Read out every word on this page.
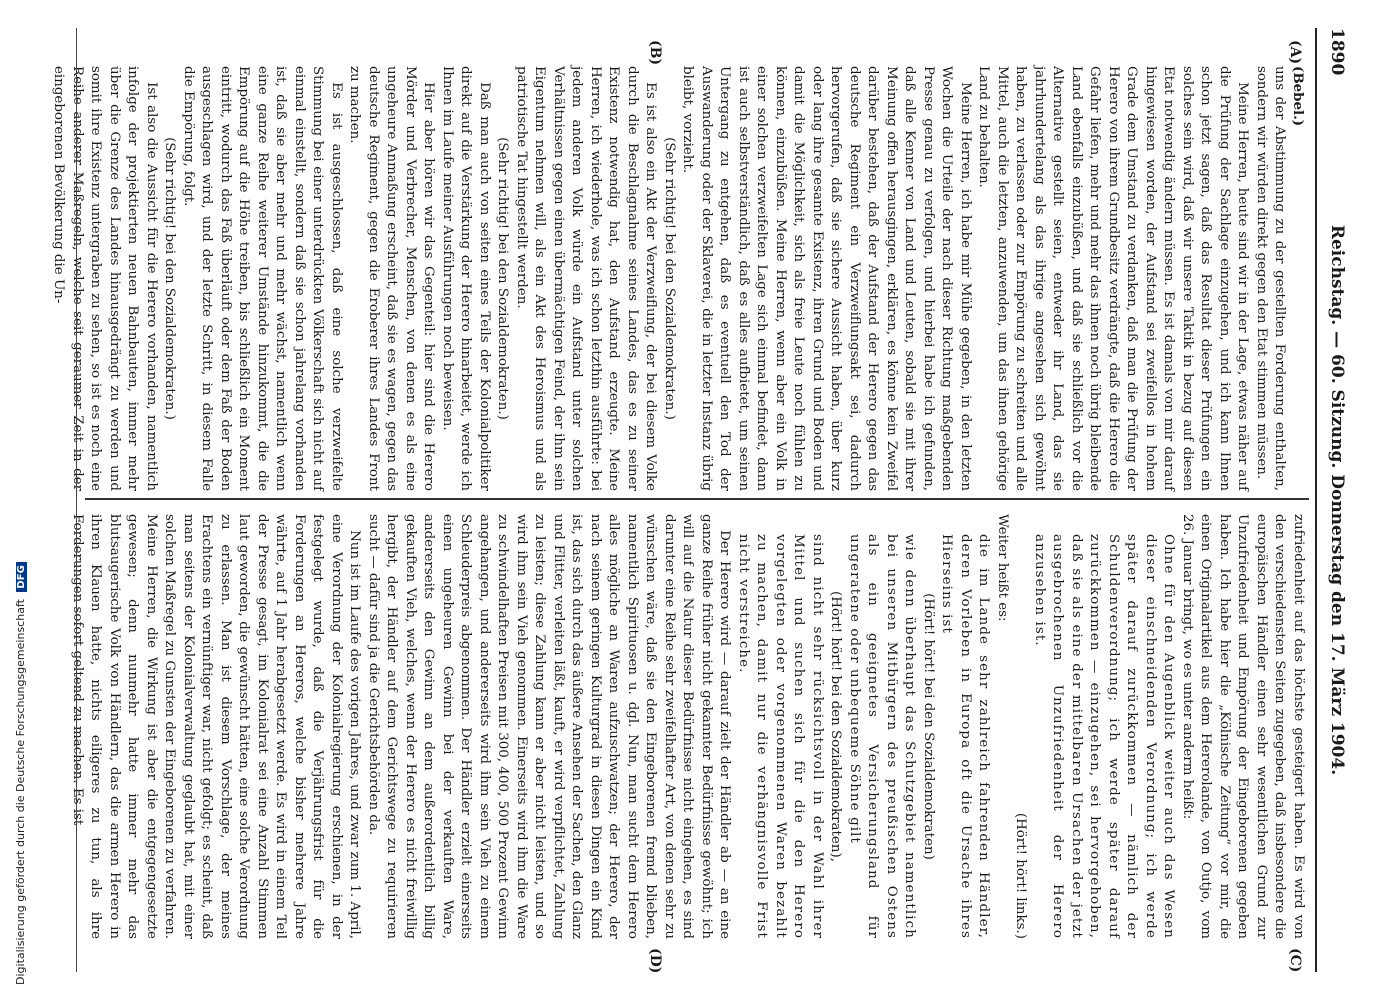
1890
Reichstag. — 60. Sitzung. Donnerstag den 17. März 1904.
(A)
(B)
(C)
(D)

(Bebel.)

uns der Abstimmung zu der gestellten Forderung enthalten, sondern wir würden direkt gegen den Etat stimmen müssen.

Meine Herren, heute sind wir in der Lage, etwas näher auf die Prüfung der Sachlage einzugehen, und ich kann Ihnen schon jetzt sagen, daß das Resultat dieser Prüfungen ein solches sein wird, daß wir unsere Taktik in bezug auf diesen Etat notwendig ändern müssen. Es ist damals von mir darauf hingewiesen worden, der Aufstand sei zweifellos in hohem Grade dem Umstand zu verdanken, daß man die Prüfung der Herero von ihrem Grundbesitz verdrängte, daß die Herero die Gefahr liefen, mehr und mehr das ihnen noch übrig bleibende Land ebenfalls einzubüßen, und daß sie schließlich vor die Alternative gestellt seien, entweder ihr Land, das sie jahrhundertelang als das ihrige angesehen sich gewöhnt haben, zu verlassen oder zur Empörung zu schreiten und alle Mittel, auch die letzten, anzuwenden, um das ihnen gehörige Land zu behalten.

Meine Herren, ich habe mir Mühe gegeben, in den letzten Wochen die Urteile der nach dieser Richtung maßgebenden Presse genau zu verfolgen, und hierbei habe ich gefunden, daß alle Kenner von Land und Leuten, sobald sie mit ihrer Meinung offen herausgingen, erklären, es könne kein Zweifel darüber bestehen, daß der Aufstand der Herero gegen das deutsche Regiment ein Verzweiflungsakt sei, dadurch hervorgerufen, daß sie sichere Aussicht haben, über kurz oder lang ihre gesamte Existenz, ihren Grund und Boden und damit die Möglichkeit, sich als freie Leute noch fühlen zu können, einzubüßen. Meine Herren, wenn aber ein Volk in einer solchen verzweifelten Lage sich einmal befindet, dann ist auch selbstverständlich, daß es alles aufbietet, um seinen Untergang zu entgehen, daß es eventuell den Tod der Auswanderung oder der Sklaverei, die in letzter Instanz übrig bleibt, vorzieht.

(Sehr richtig! bei den Sozialdemokraten.)

Es ist also ein Akt der Verzweiflung, der bei diesem Volke durch die Beschlagnahme seines Landes, das es zu seiner Existenz notwendig hat, den Aufstand erzeugte. Meine Herren, ich wiederhole, was ich schon letzthin ausführte: bei jedem anderen Volk würde ein Aufstand unter solchen Verhältnissen gegen einen übermächtigen Feind, der ihm sein Eigentum nehmen will, als ein Akt des Heroismus und als patriotische Tat hingestellt werden.

(Sehr richtig! bei den Sozialdemokraten.)

Daß man auch von seiten eines Teils der Kolonialpolitiker direkt auf die Verstärkung der Herero hinarbeitet, werde ich Ihnen im Laufe meiner Ausführungen noch beweisen.

Hier aber hören wir das Gegenteil: hier sind die Herero Mörder und Verbrecher, Menschen, von denen es als eine ungeheure Anmaßung erscheint, daß sie es wagen, gegen das deutsche Regiment, gegen die Eroberer ihres Landes Front zu machen.

Es ist ausgeschlossen, daß eine solche verzweifelte Stimmung bei einer unterdrückten Völkerschaft sich nicht auf einmal einstellt, sondern daß sie schon jahrelang vorhanden ist, daß sie aber mehr und mehr wächst, namentlich wenn eine ganze Reihe weiterer Umstände hinzukommt, die die Empörung auf die Höhe treiben, bis schließlich ein Moment eintritt, wodurch das Faß überläuft oder dem Faß der Boden ausgeschlagen wird, und der letzte Schritt, in diesem Falle die Empörung, folgt.

(Sehr richtig! bei den Sozialdemokraten.)

Ist also die Aussicht für die Herero vorhanden, namentlich infolge der projektierten neuen Bahnbauten, immer mehr über die Grenze des Landes hinausgedrängt zu werden und somit ihre Existenz untergraben zu sehen, so ist es noch eine Reihe anderer Maßregeln, welche seit geraumer Zeit in der eingeborenen Bevölkerung die Un-

zufriedenheit auf das höchste gesteigert haben. Es wird von den verschiedensten Seiten zugegeben, daß insbesondere die europäischen Händler einen sehr wesentlichen Grund zur Unzufriedenheit und Empörung der Eingeborenen gegeben haben. Ich habe hier die „Kölnische Zeitung“ vor mir, die einen Originalartikel aus dem Hererolande, von Outjo, vom 26. Januar bringt, wo es unter anderm heißt:

Ohne für den Augenblick weiter auch das Wesen dieser einschneidenden Verordnung; ich werde später darauf zurückkommen — nämlich der Schuldenverordnung; ich werde später darauf zurückkommen — einzugehen, sei hervorgehoben, daß sie als eine der mittelbaren Ursachen der jetzt ausgebrochenen Unzufriedenheit der Herero anzusehen ist.

(Hört! hört! links.)

Weiter heißt es:

die im Lande sehr zahlreich fahrenden Händler, deren Vorleben in Europa oft die Ursache ihres Hierseins ist

(Hört! hört! bei den Sozialdemokraten)

wie denn überhaupt das Schutzgebiet namentlich bei unseren Mitbürgern des preußischen Ostens als ein geeignetes Versicherungsland für ungeratene oder unbequeme Söhne gilt

(Hört! hört! bei den Sozialdemokraten),

sind nicht sehr rücksichtsvoll in der Wahl ihrer Mittel und suchen sich für die den Herero vorgelegten oder vorgenommenen Waren bezahlt zu machen, damit nur die verhängnisvolle Frist nicht verstreiche.

Der Herero wird — darauf zielt der Händler ab — an eine ganze Reihe früher nicht gekannter Bedürfnisse gewöhnt; ich will auf die Natur dieser Bedürfnisse nicht eingehen, es sind darunter eine Reihe sehr zweifelhafter Art, von denen sehr zu wünschen wäre, daß sie den Eingeborenen fremd blieben, namentlich Spirituosen u. dgl. Nun, man sucht dem Herero alles mögliche an Waren aufzuschwatzen; der Herero, der nach seinem geringen Kulturgrad in diesen Dingen ein Kind ist, das sich durch das äußere Ansehen der Sachen, den Glanz und Flitter, verleiten läßt, kauft, er wird verpflichtet, Zahlung zu leisten; diese Zahlung kann er aber nicht leisten, und so wird ihm sein Vieh genommen. Einerseits wird ihm die Ware zu schwindelhaften Preisen mit 300, 400, 500 Prozent Gewinn angehangen, und andererseits wird ihm sein Vieh zu einem Schleuderpreis abgenommen. Der Händler erzielt einerseits einen ungeheuren Gewinn bei der verkauften Ware, andererseits den Gewinn an dem außerordentlich billig gekauften Vieh, welches, wenn der Herero es nicht freiwillig hergibt, der Händler auf dem Gerichtswege zu requirieren sucht — dafür sind ja die Gerichtsbehörden da.

Nun ist im Laufe des vorigen Jahres, und zwar zum 1. April, eine Verordnung der Kolonialregierung erschienen, in der festgelegt wurde, daß die Verjährungsfrist für die Forderungen an Hereros, welche bisher mehrere Jahre währte, auf 1 Jahr herabgesetzt werde. Es wird in einem Teil der Presse gesagt, im Kolonialrat sei eine Anzahl Stimmen laut geworden, die gewünscht hätten, eine solche Verordnung zu erlassen. Man ist diesem Vorschlage, der meines Erachtens ein vernünftiger war, nicht gefolgt; es scheint, daß man seitens der Kolonialverwaltung geglaubt hat, mit einer solchen Maßregel zu Gunsten der Eingeborenen zu verfahren. Meine Herren, die Wirkung ist aber die entgegengesetzte gewesen; denn nunmehr hatte immer mehr das blutsaugerische Volk von Händlern, das die armen Herero in ihren Klauen hatte, nichts eiligeres zu tun, als ihre Forderungen sofort geltend zu machen. Es ist

Digitalisierung gefördert durch die Deutsche Forschungsgemeinschaft DFG
